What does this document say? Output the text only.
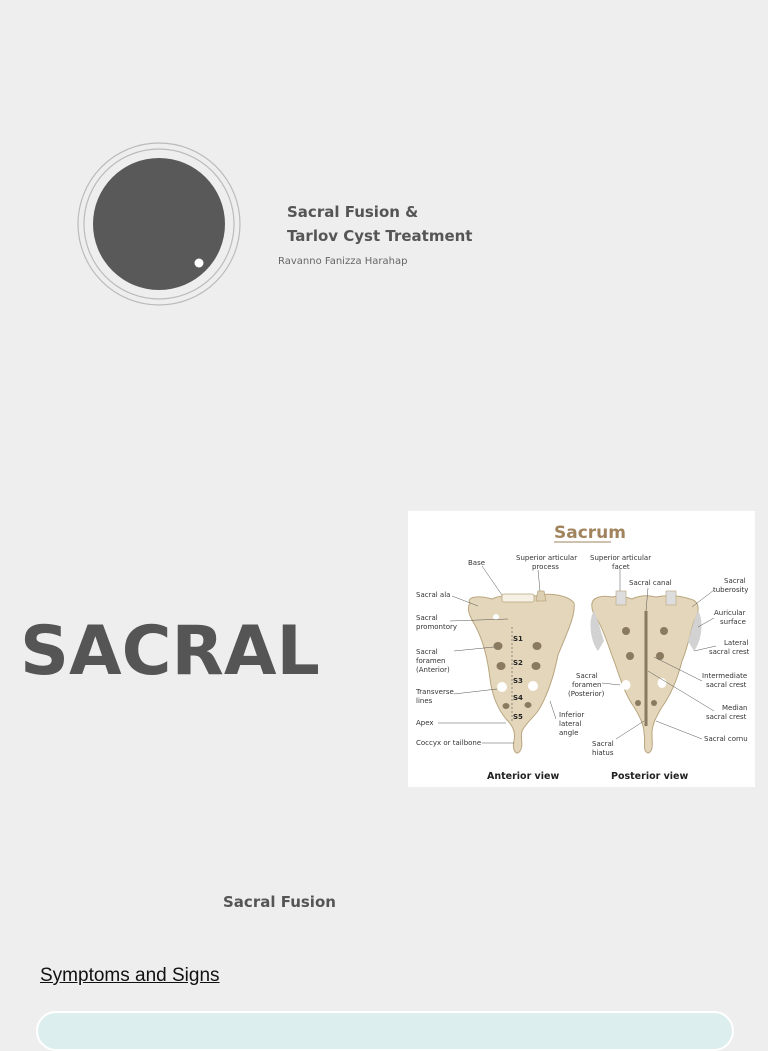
Sacral Fusion &
Tarlov Cyst Treatment
Ravanno Fanizza Harahap
SACRAL
Sacrum
S1
S2
S3
S4
S5
Base
Superior articular
process
Sacral ala
Sacral
promontory
Sacral
foramen
(Anterior)
Transverse
lines
Apex
Coccyx or tailbone
Inferior
lateral
angle
Superior articular
facet
Sacral canal	Sacral
tuberosity
Auricular
surface
Lateral
sacral crest
Sacral
foramen
(Posterior)
Intermediate
sacral crest
Median
sacral crest
Sacral
hiatus
Sacral cornu
Anterior view	Posterior view
Sacral Fusion
Symptoms and Signs
